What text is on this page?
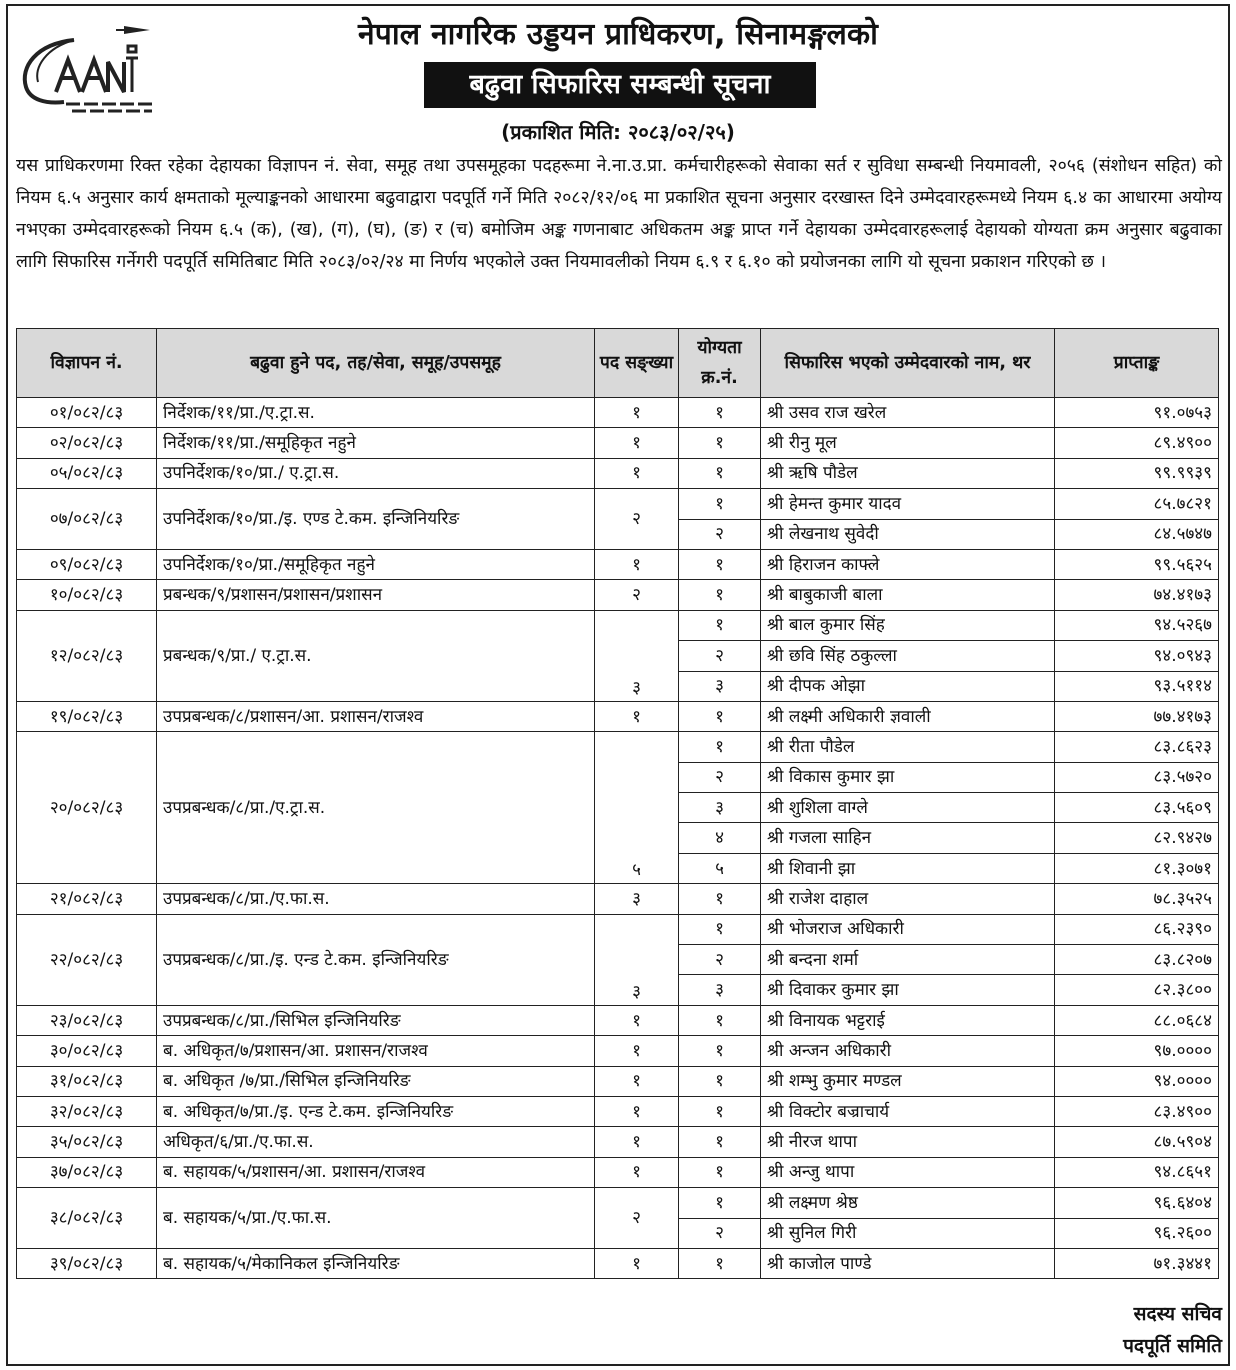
नेपाल नागरिक उड्डयन प्राधिकरण, सिनामङ्गलको
बढुवा सिफारिस सम्बन्धी सूचना
(प्रकाशित मिति: २०८३/०२/२५)
यस प्राधिकरणमा रिक्त रहेका देहायका विज्ञापन नं. सेवा, समूह तथा उपसमूहका पदहरूमा ने.ना.उ.प्रा. कर्मचारीहरूको सेवाका सर्त र सुविधा सम्बन्धी नियमावली, २०५६ (संशोधन सहित) को नियम ६.५ अनुसार कार्य क्षमताको मूल्याङ्कनको आधारमा बढुवाद्वारा पदपूर्ति गर्ने मिति २०८२/१२/०६ मा प्रकाशित सूचना अनुसार दरखास्त दिने उम्मेदवारहरूमध्ये नियम ६.४ का आधारमा अयोग्य नभएका उम्मेदवारहरूको नियम ६.५ (क), (ख), (ग), (घ), (ङ) र (च) बमोजिम अङ्क गणनाबाट अधिकतम अङ्क प्राप्त गर्ने देहायका उम्मेदवारहरूलाई देहायको योग्यता क्रम अनुसार बढुवाका लागि सिफारिस गर्नेगरी पदपूर्ति समितिबाट मिति २०८३/०२/२४ मा निर्णय भएकोले उक्त नियमावलीको नियम ६.९ र ६.१० को प्रयोजनका लागि यो सूचना प्रकाशन गरिएको छ ।
विज्ञापन नं.	बढुवा हुने पद, तह/सेवा, समूह/उपसमूह	पद सङ्ख्या	योग्यता क्र.नं.	सिफारिस भएको उम्मेदवारको नाम, थर	प्राप्ताङ्क
०१/०८२/८३	निर्देशक/११/प्रा./ए.ट्रा.स.	१	१	श्री उसव राज खरेल	९१.०७५३
०२/०८२/८३	निर्देशक/११/प्रा./समूहिकृत नहुने	१	१	श्री रीनु मूल	८९.४९००
०५/०८२/८३	उपनिर्देशक/१०/प्रा./ ए.ट्रा.स.	१	१	श्री ऋषि पौडेल	९९.९९३९
०७/०८२/८३	उपनिर्देशक/१०/प्रा./इ. एण्ड टे.कम. इन्जिनियरिङ	२	१	श्री हेमन्त कुमार यादव	८५.७८२१
			२	श्री लेखनाथ सुवेदी	८४.५७४७
०९/०८२/८३	उपनिर्देशक/१०/प्रा./समूहिकृत नहुने	१	१	श्री हिराजन काफ्ले	९९.५६२५
१०/०८२/८३	प्रबन्धक/९/प्रशासन/प्रशासन/प्रशासन	२	१	श्री बाबुकाजी बाला	७४.४१७३
१२/०८२/८३	प्रबन्धक/९/प्रा./ ए.ट्रा.स.	३	१	श्री बाल कुमार सिंह	९४.५२६७
			२	श्री छवि सिंह ठकुल्ला	९४.०९४३
			३	श्री दीपक ओझा	९३.५११४
१९/०८२/८३	उपप्रबन्धक/८/प्रशासन/आ. प्रशासन/राजश्व	१	१	श्री लक्ष्मी अधिकारी ज्ञवाली	७७.४१७३
२०/०८२/८३	उपप्रबन्धक/८/प्रा./ए.ट्रा.स.	५	१	श्री रीता पौडेल	८३.८६२३
			२	श्री विकास कुमार झा	८३.५७२०
			३	श्री शुशिला वाग्ले	८३.५६०९
			४	श्री गजला साहिन	८२.९४२७
			५	श्री शिवानी झा	८१.३०७१
२१/०८२/८३	उपप्रबन्धक/८/प्रा./ए.फा.स.	३	१	श्री राजेश दाहाल	७८.३५२५
२२/०८२/८३	उपप्रबन्धक/८/प्रा./इ. एन्ड टे.कम. इन्जिनियरिङ	३	१	श्री भोजराज अधिकारी	८६.२३९०
			२	श्री बन्दना शर्मा	८३.८२०७
			३	श्री दिवाकर कुमार झा	८२.३८००
२३/०८२/८३	उपप्रबन्धक/८/प्रा./सिभिल इन्जिनियरिङ	१	१	श्री विनायक भट्टराई	८८.०६८४
३०/०८२/८३	ब. अधिकृत/७/प्रशासन/आ. प्रशासन/राजश्व	१	१	श्री अन्जन अधिकारी	९७.००००
३१/०८२/८३	ब. अधिकृत /७/प्रा./सिभिल इन्जिनियरिङ	१	१	श्री शम्भु कुमार मण्डल	९४.००००
३२/०८२/८३	ब. अधिकृत/७/प्रा./इ. एन्ड टे.कम. इन्जिनियरिङ	१	१	श्री विक्टोर बज्राचार्य	८३.४९००
३५/०८२/८३	अधिकृत/६/प्रा./ए.फा.स.	१	१	श्री नीरज थापा	८७.५९०४
३७/०८२/८३	ब. सहायक/५/प्रशासन/आ. प्रशासन/राजश्व	१	१	श्री अन्जु थापा	९४.८६५१
३८/०८२/८३	ब. सहायक/५/प्रा./ए.फा.स.	२	१	श्री लक्ष्मण श्रेष्ठ	९६.६४०४
			२	श्री सुनिल गिरी	९६.२६००
३९/०८२/८३	ब. सहायक/५/मेकानिकल इन्जिनियरिङ	१	१	श्री काजोल पाण्डे	७१.३४४१
सदस्य सचिव
पदपूर्ति समिति
